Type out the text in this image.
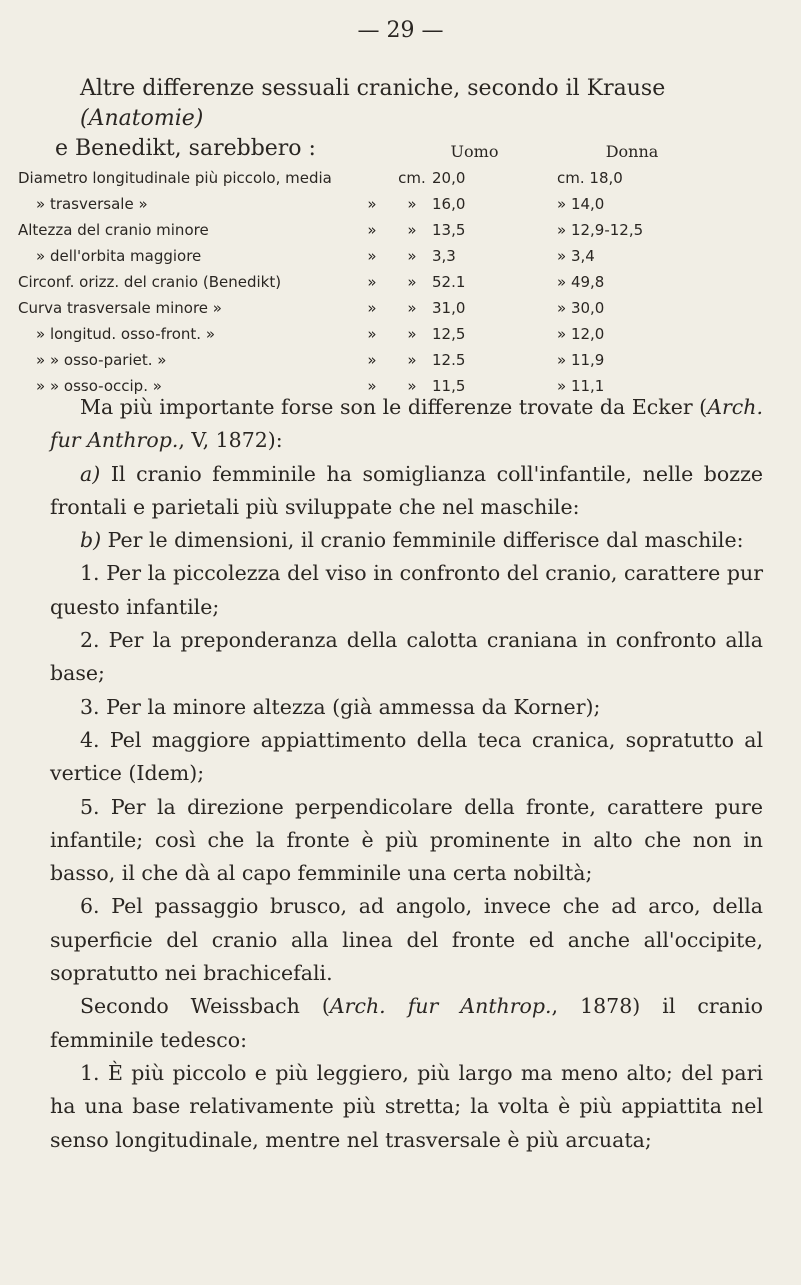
— 29 —
Altre differenze sessuali craniche, secondo il Krause (Anatomie)
e Benedikt, sarebbero :
				Uomo	Donna
Diametro longitudinale più piccolo, media		cm.	20,0	cm. 18,0
» trasversale »	»	»	16,0	» 14,0
Altezza del cranio minore	»	»	13,5	» 12,9-12,5
» dell'orbita maggiore	»	»	3,3	» 3,4
Circonf. orizz. del cranio (Benedikt)	»	»	52.1	» 49,8
Curva trasversale minore »	»	»	31,0	» 30,0
» longitud. osso-front. »	»	»	12,5	» 12,0
» » osso-pariet. »	»	»	12.5	» 11,9
» » osso-occip. »	»	»	11,5	» 11,1

Ma più importante forse son le differenze trovate da Ecker (Arch. fur Anthrop., V, 1872):

a) Il cranio femminile ha somiglianza coll'infantile, nelle bozze frontali e parietali più sviluppate che nel maschile:

b) Per le dimensioni, il cranio femminile differisce dal maschile:

1. Per la piccolezza del viso in confronto del cranio, carattere pur questo infantile;

2. Per la preponderanza della calotta craniana in confronto alla base;

3. Per la minore altezza (già ammessa da Korner);

4. Pel maggiore appiattimento della teca cranica, sopratutto al vertice (Idem);

5. Per la direzione perpendicolare della fronte, carattere pure infantile; così che la fronte è più prominente in alto che non in basso, il che dà al capo femminile una certa nobiltà;

6. Pel passaggio brusco, ad angolo, invece che ad arco, della superficie del cranio alla linea del fronte ed anche all'occipite, sopratutto nei brachicefali.

Secondo Weissbach (Arch. fur Anthrop., 1878) il cranio femminile tedesco:

1. È più piccolo e più leggiero, più largo ma meno alto; del pari ha una base relativamente più stretta; la volta è più appiattita nel senso longitudinale, mentre nel trasversale è più arcuata;
